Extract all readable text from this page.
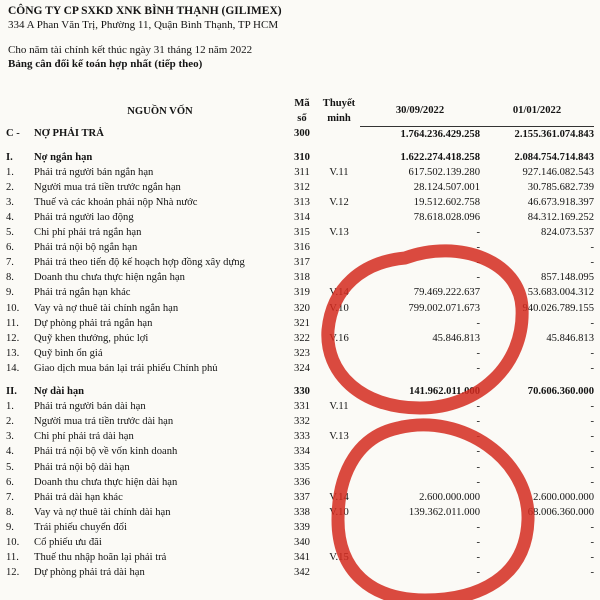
CÔNG TY CP SXKD XNK BÌNH THẠNH (GILIMEX)
334 A Phan Văn Trị, Phường 11, Quận Bình Thạnh, TP HCM
Cho năm tài chính kết thúc ngày 31 tháng 12 năm 2022
Bảng cân đối kế toán hợp nhất (tiếp theo)
	NGUỒN VỐN	Mã
số	Thuyết
minh	30/09/2022	01/01/2022
C -	NỢ PHẢI TRẢ	300		1.764.236.429.258	2.155.361.074.843

I.	Nợ ngắn hạn	310		1.622.274.418.258	2.084.754.714.843
1.	Phải trả người bán ngắn hạn	311	V.11	617.502.139.280	927.146.082.543
2.	Người mua trả tiền trước ngắn hạn	312		28.124.507.001	30.785.682.739
3.	Thuế và các khoản phải nộp Nhà nước	313	V.12	19.512.602.758	46.673.918.397
4.	Phải trả người lao động	314		78.618.028.096	84.312.169.252
5.	Chi phí phải trả ngắn hạn	315	V.13	-	824.073.537
6.	Phải trả nội bộ ngắn hạn	316		-	-
7.	Phải trả theo tiến độ kế hoạch hợp đồng xây dựng	317		-	-
8.	Doanh thu chưa thực hiện ngắn hạn	318		-	857.148.095
9.	Phải trả ngắn hạn khác	319	V.14	79.469.222.637	53.683.004.312
10.	Vay và nợ thuê tài chính ngắn hạn	320	V.10	799.002.071.673	940.026.789.155
11.	Dự phòng phải trả ngắn hạn	321		-	-
12.	Quỹ khen thưởng, phúc lợi	322	V.16	45.846.813	45.846.813
13.	Quỹ bình ổn giá	323		-	-
14.	Giao dịch mua bán lại trái phiếu Chính phủ	324		-	-

II.	Nợ dài hạn	330		141.962.011.000	70.606.360.000
1.	Phải trả người bán dài hạn	331	V.11	-	-
2.	Người mua trả tiền trước dài hạn	332		-	-
3.	Chi phí phải trả dài hạn	333	V.13	-	-
4.	Phải trả nội bộ về vốn kinh doanh	334		-	-
5.	Phải trả nội bộ dài hạn	335		-	-
6.	Doanh thu chưa thực hiện dài hạn	336		-	-
7.	Phải trả dài hạn khác	337	V.14	2.600.000.000	2.600.000.000
8.	Vay và nợ thuê tài chính dài hạn	338	V.10	139.362.011.000	68.006.360.000
9.	Trái phiếu chuyển đổi	339		-	-
10.	Cổ phiếu ưu đãi	340		-	-
11.	Thuế thu nhập hoãn lại phải trả	341	V.15	-	-
12.	Dự phòng phải trả dài hạn	342		-	-
